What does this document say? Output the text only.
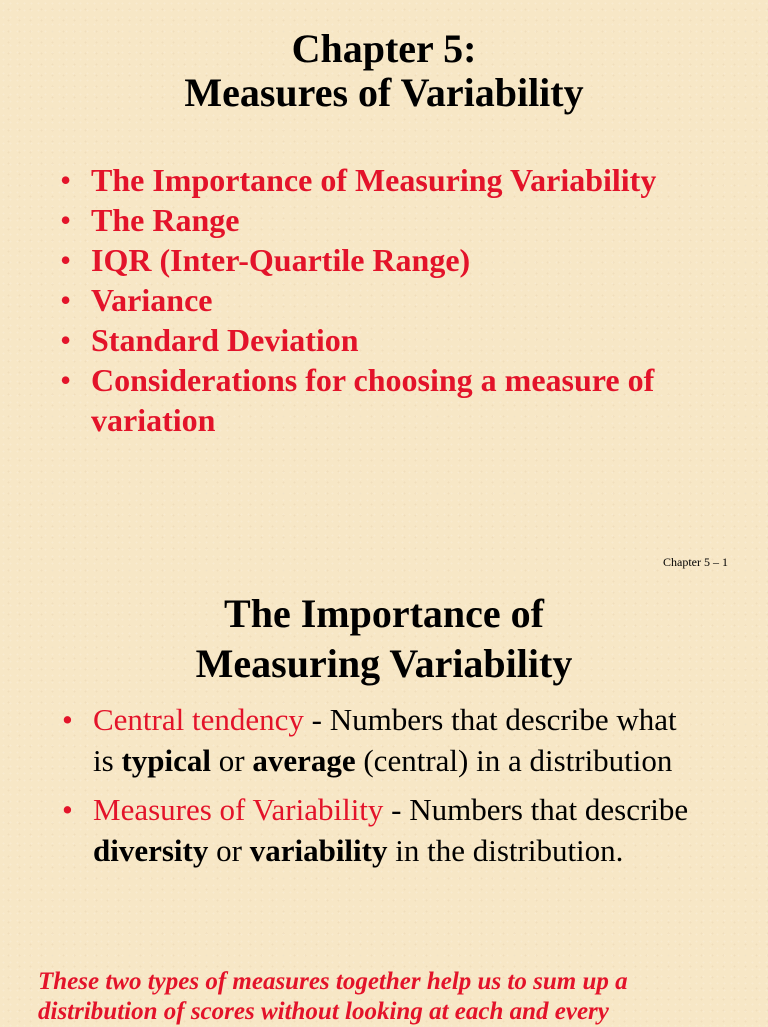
Chapter 5:
Measures of Variability
• The Importance of Measuring Variability
• The Range
• IQR (Inter-Quartile Range)
• Variance
• Standard Deviation
• Considerations for choosing a measure of variation
Chapter 5 – 1
The Importance of
Measuring Variability
• Central tendency - Numbers that describe what is typical or average (central) in a distribution
• Measures of Variability - Numbers that describe diversity or variability in the distribution.
These two types of measures together help us to sum up a distribution of scores without looking at each and every
